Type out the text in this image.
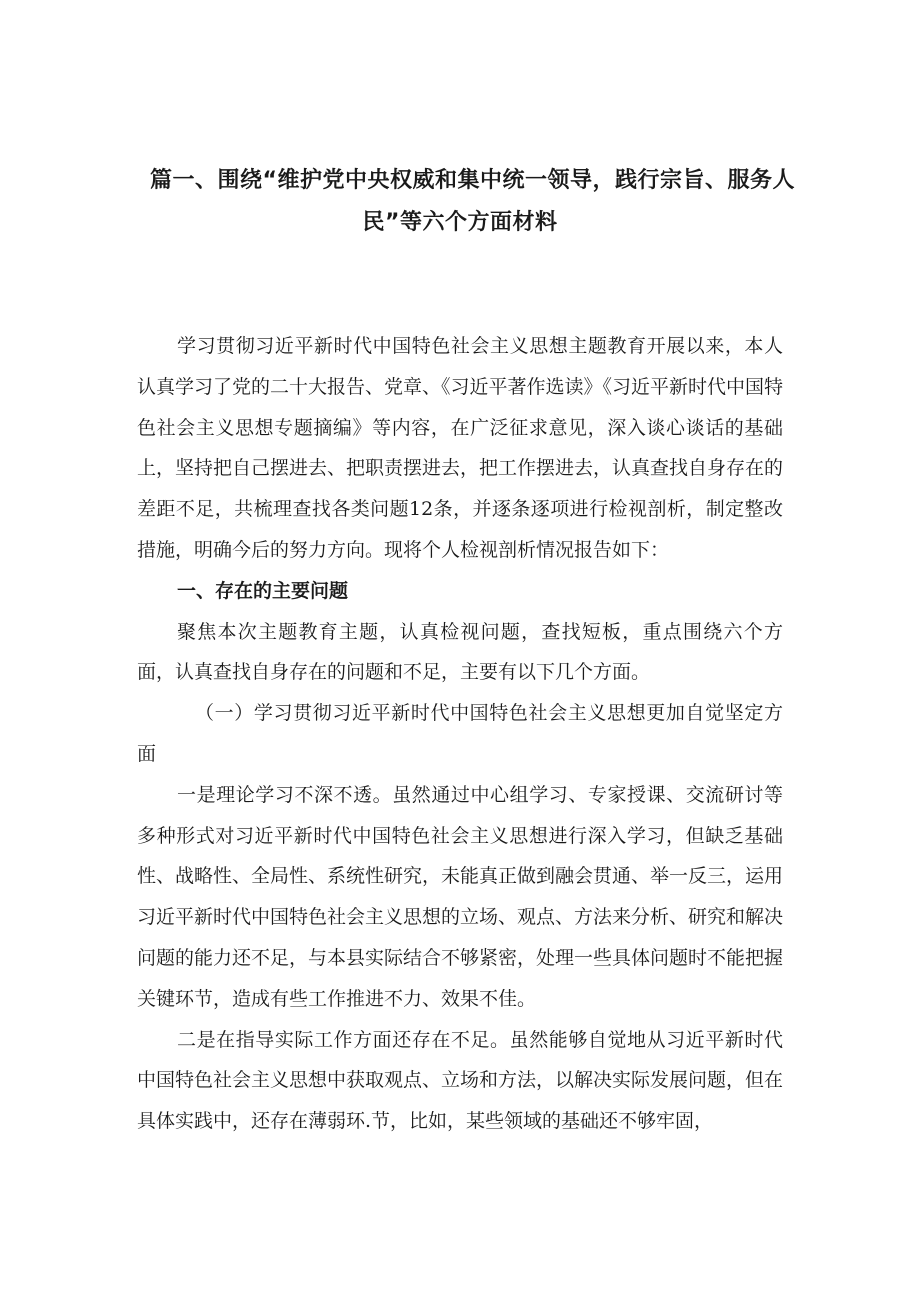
篇一、围绕“维护党中央权威和集中统一领导，践行宗旨、服务人
民”等六个方面材料

学习贯彻习近平新时代中国特色社会主义思想主题教育开展以来，本人认真学习了党的二十大报告、党章、《习近平著作选读》《习近平新时代中国特色社会主义思想专题摘编》等内容，在广泛征求意见，深入谈心谈话的基础上，坚持把自己摆进去、把职责摆进去，把工作摆进去，认真查找自身存在的差距不足，共梳理查找各类问题12条，并逐条逐项进行检视剖析，制定整改措施，明确今后的努力方向。现将个人检视剖析情况报告如下：

一、存在的主要问题

聚焦本次主题教育主题，认真检视问题，查找短板，重点围绕六个方面，认真查找自身存在的问题和不足，主要有以下几个方面。

（一）学习贯彻习近平新时代中国特色社会主义思想更加自觉坚定方面

一是理论学习不深不透。虽然通过中心组学习、专家授课、交流研讨等多种形式对习近平新时代中国特色社会主义思想进行深入学习，但缺乏基础性、战略性、全局性、系统性研究，未能真正做到融会贯通、举一反三，运用习近平新时代中国特色社会主义思想的立场、观点、方法来分析、研究和解决问题的能力还不足，与本县实际结合不够紧密，处理一些具体问题时不能把握关键环节，造成有些工作推进不力、效果不佳。

二是在指导实际工作方面还存在不足。虽然能够自觉地从习近平新时代中国特色社会主义思想中获取观点、立场和方法，以解决实际发展问题，但在具体实践中，还存在薄弱环.节，比如，某些领域的基础还不够牢固，
